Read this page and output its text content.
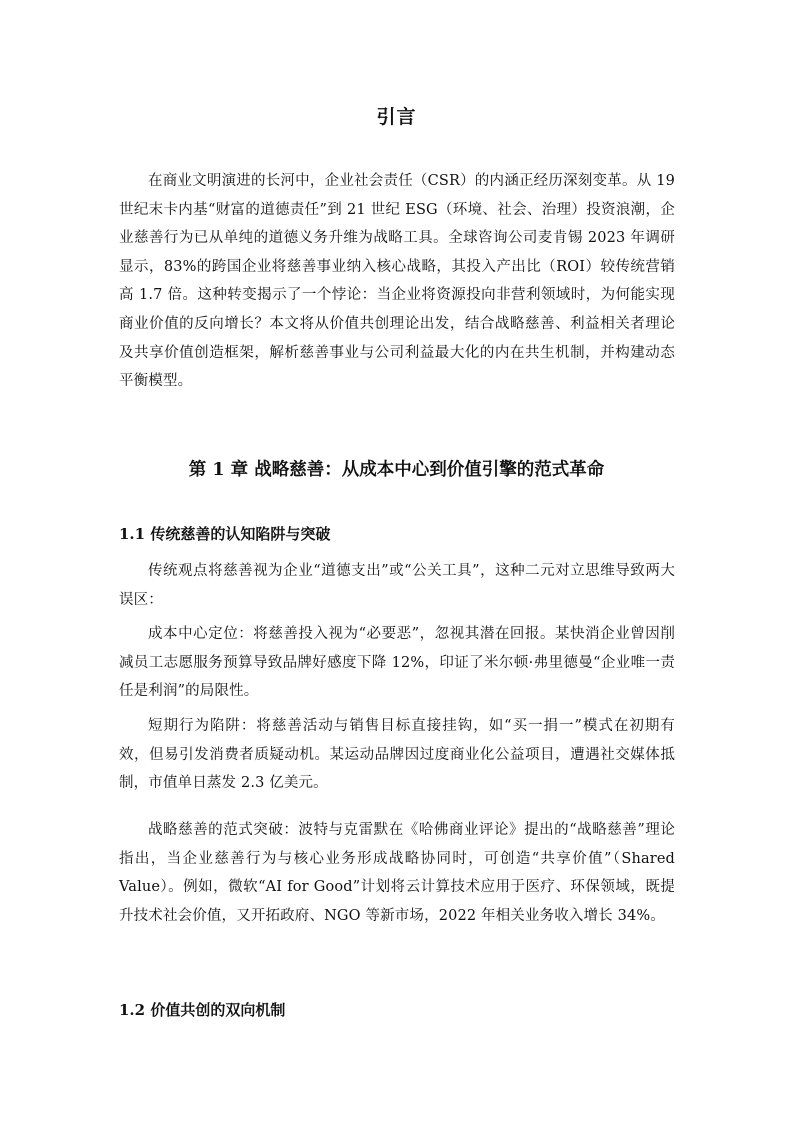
引言

在商业文明演进的长河中，企业社会责任（CSR）的内涵正经历深刻变革。从 19 世纪末卡内基“财富的道德责任”到 21 世纪 ESG（环境、社会、治理）投资浪潮，企业慈善行为已从单纯的道德义务升维为战略工具。全球咨询公司麦肯锡 2023 年调研显示，83%的跨国企业将慈善事业纳入核心战略，其投入产出比（ROI）较传统营销高 1.7 倍。这种转变揭示了一个悖论：当企业将资源投向非营利领域时，为何能实现商业价值的反向增长？本文将从价值共创理论出发，结合战略慈善、利益相关者理论及共享价值创造框架，解析慈善事业与公司利益最大化的内在共生机制，并构建动态平衡模型。

第 1 章 战略慈善：从成本中心到价值引擎的范式革命
1.1 传统慈善的认知陷阱与突破

传统观点将慈善视为企业“道德支出”或“公关工具”，这种二元对立思维导致两大误区：

成本中心定位：将慈善投入视为“必要恶”，忽视其潜在回报。某快消企业曾因削减员工志愿服务预算导致品牌好感度下降 12%，印证了米尔顿·弗里德曼“企业唯一责任是利润”的局限性。

短期行为陷阱：将慈善活动与销售目标直接挂钩，如“买一捐一”模式在初期有效，但易引发消费者质疑动机。某运动品牌因过度商业化公益项目，遭遇社交媒体抵制，市值单日蒸发 2.3 亿美元。

战略慈善的范式突破：波特与克雷默在《哈佛商业评论》提出的“战略慈善”理论指出，当企业慈善行为与核心业务形成战略协同时，可创造“共享价值”（Shared Value）。例如，微软“AI for Good”计划将云计算技术应用于医疗、环保领域，既提升技术社会价值，又开拓政府、NGO 等新市场，2022 年相关业务收入增长 34%。

1.2 价值共创的双向机制
